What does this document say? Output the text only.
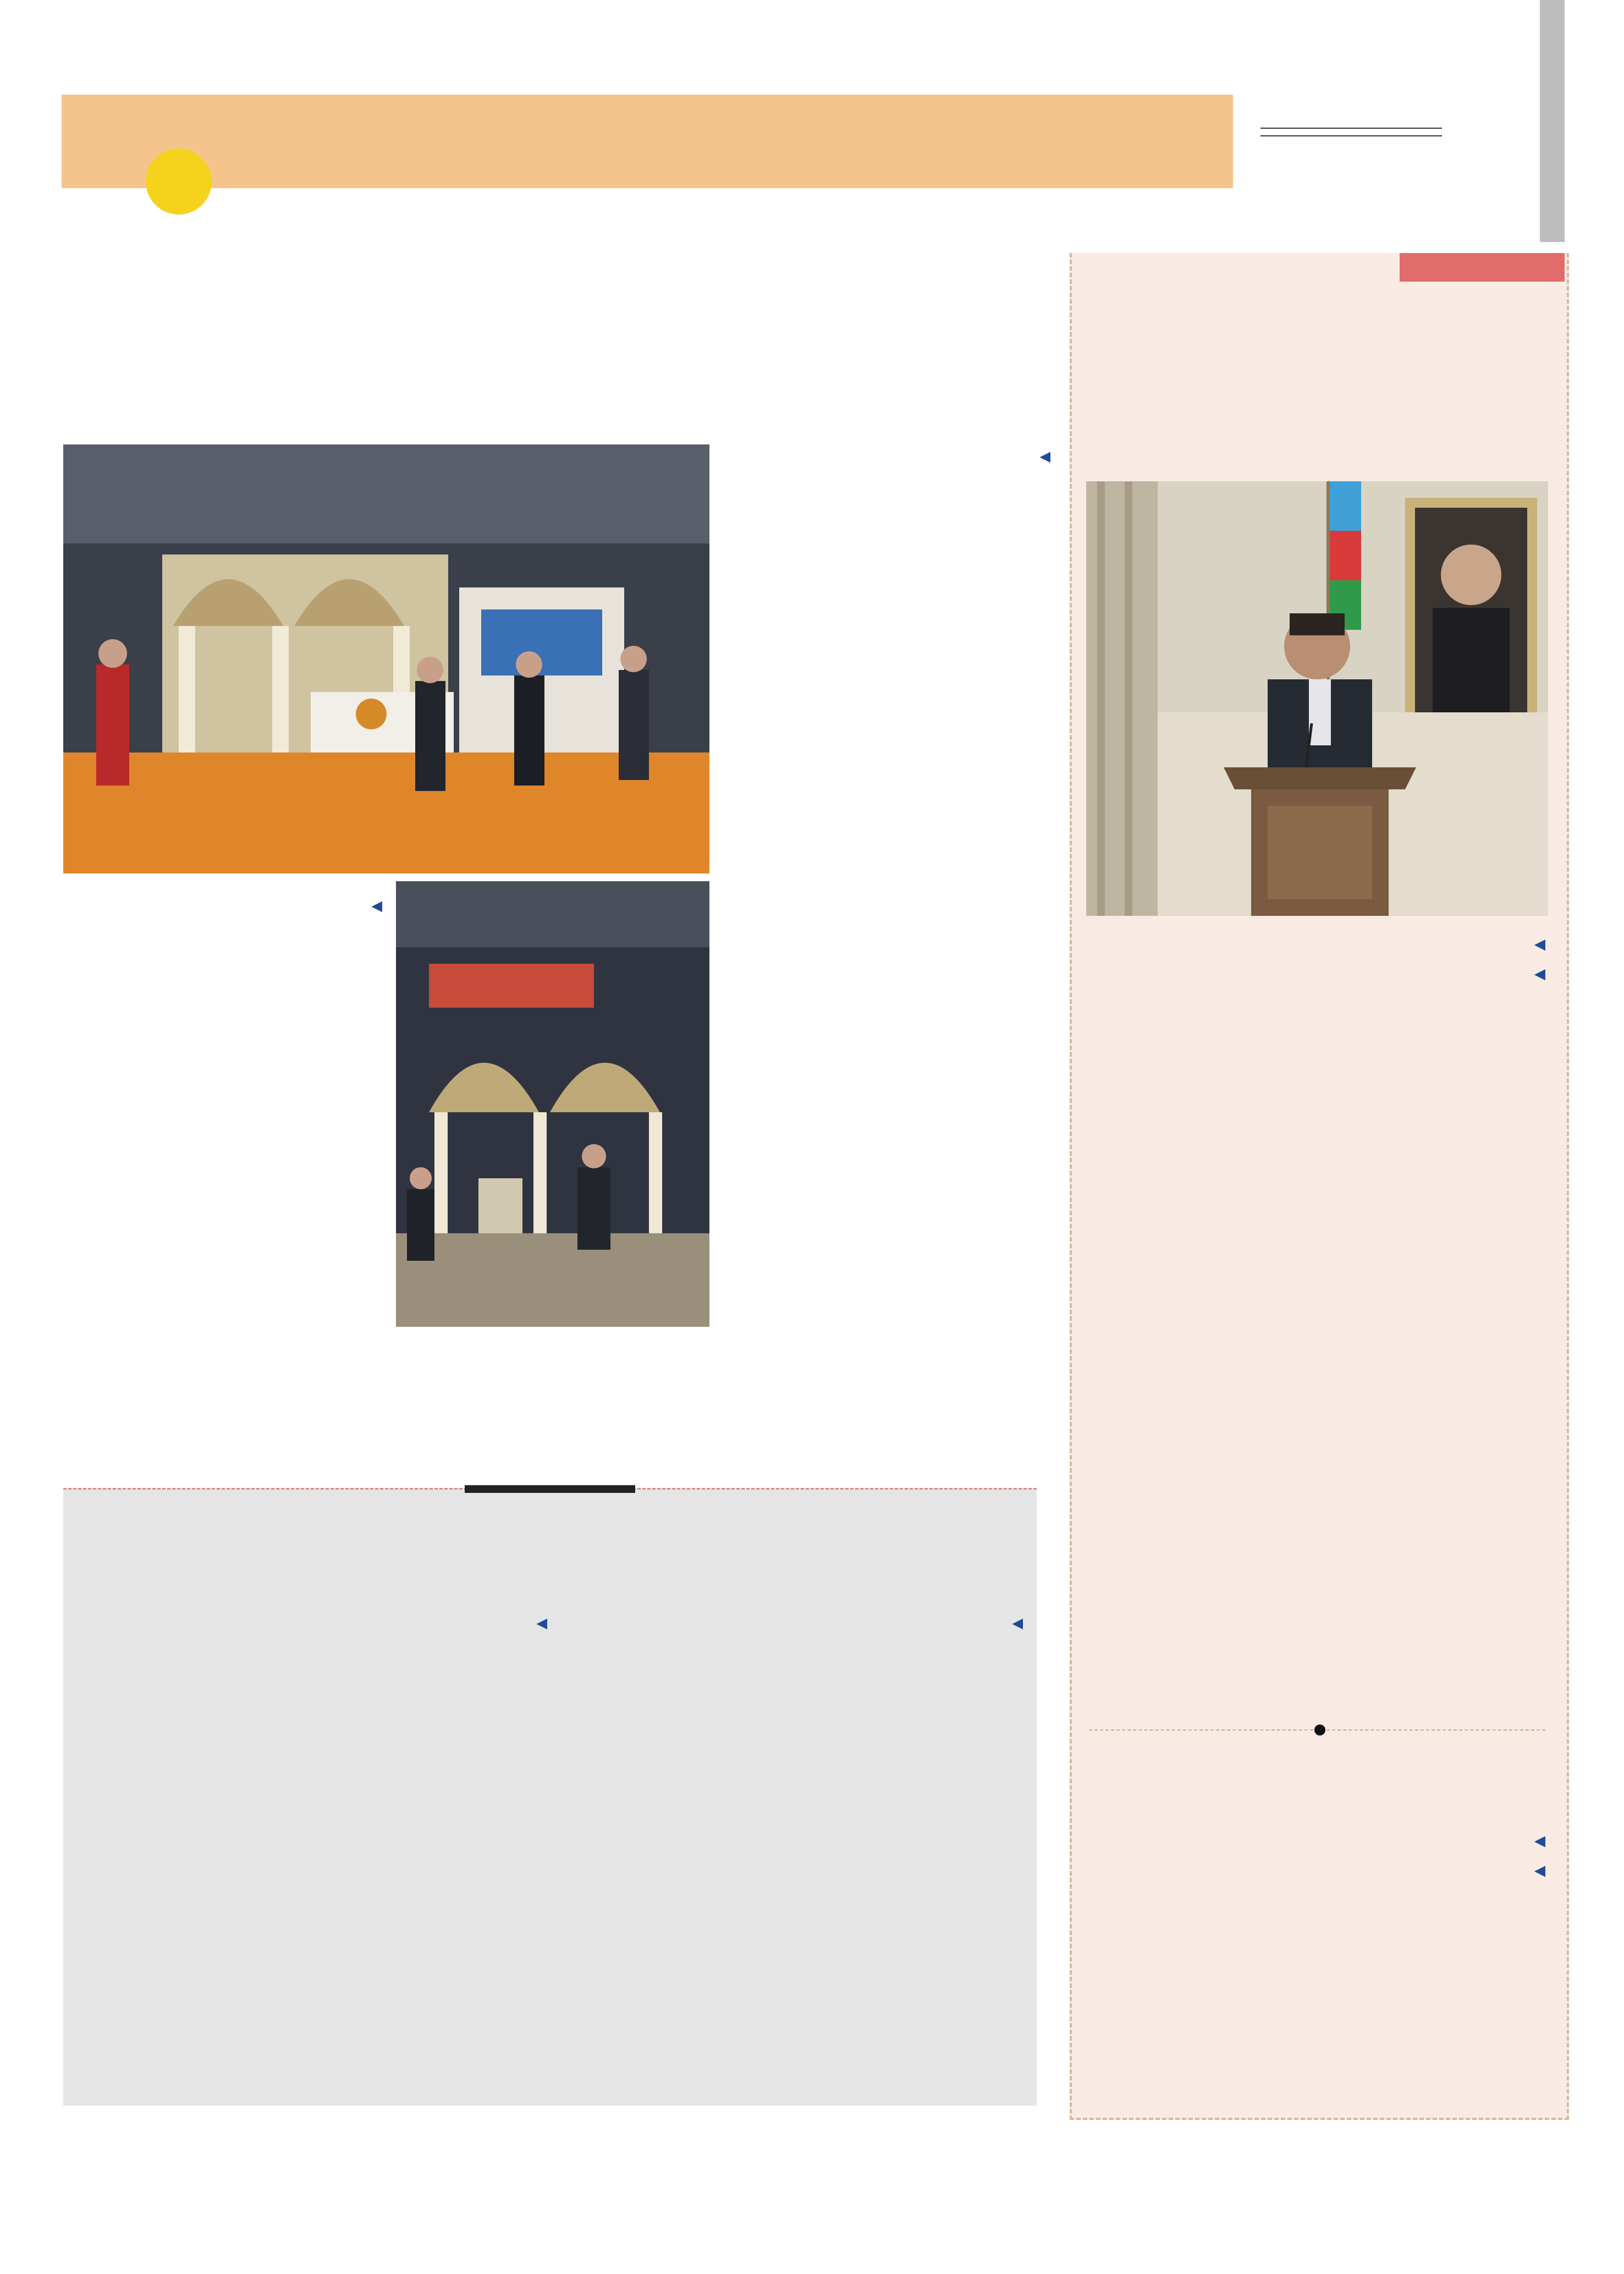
◀

◀

◀

◀

◀

◀

◀
◀
